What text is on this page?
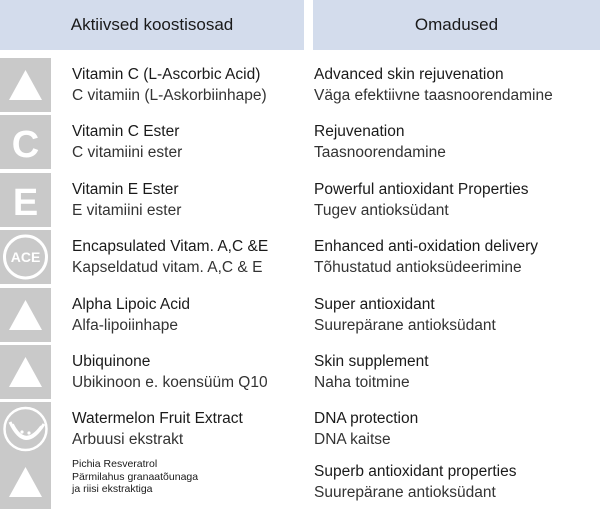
Aktiivsed koostisosad	Omadused
Vitamin C (L-Ascorbic Acid)
C vitamiin (L-Askorbiinhape)
Advanced skin rejuvenation
Väga efektiivne taasnoorendamine
C Vitamin C Ester
C vitamiini ester
Rejuvenation
Taasnoorendamine
E Vitamin E Ester
E vitamiini ester
Powerful antioxidant Properties
Tugev antioksüdant
ACE
Encapsulated Vitam. A,C &E
Kapseldatud vitam. A,C & E
Enhanced anti-oxidation delivery
Tõhustatud antioksüdeerimine
Alpha Lipoic Acid
Alfa-lipoiinhape
Super antioxidant
Suurepärane antioksüdant
Ubiquinone
Ubikinoon e. koensüüm Q10
Skin supplement
Naha toitmine
Watermelon Fruit Extract
Arbuusi ekstrakt
DNA protection
DNA kaitse
Pichia Resveratrol
Pärmilahus granaatõunaga
ja riisi ekstraktiga
Superb antioxidant properties
Suurepärane antioksüdant
